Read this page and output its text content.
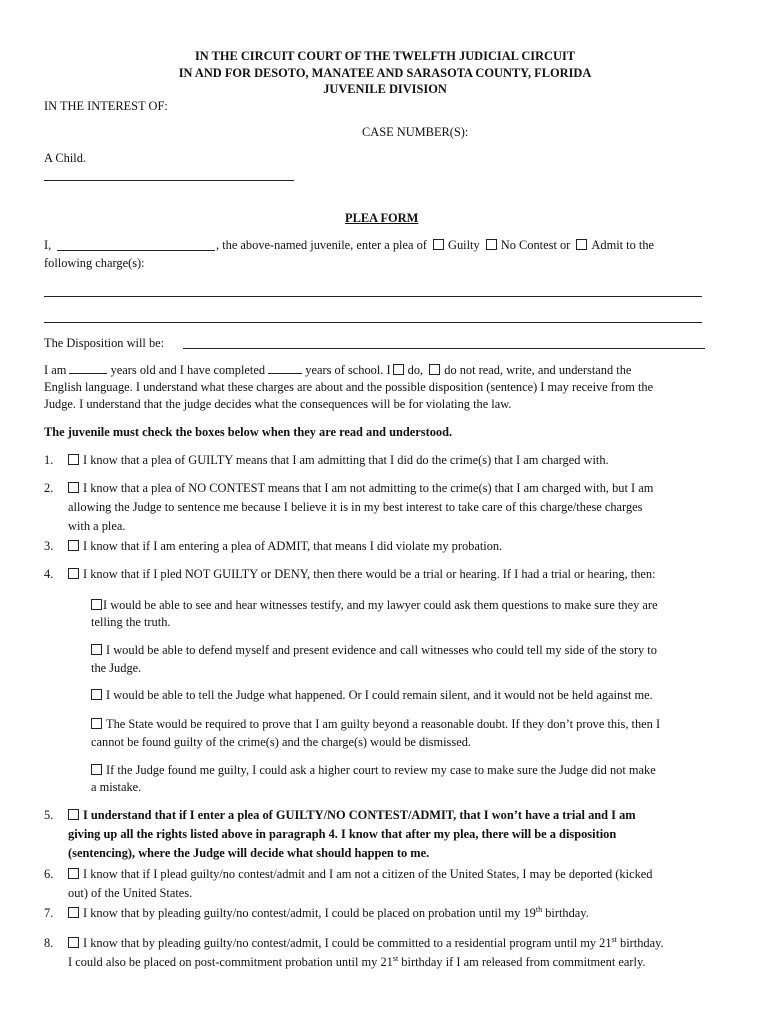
IN THE CIRCUIT COURT OF THE TWELFTH JUDICIAL CIRCUIT
IN AND FOR DESOTO, MANATEE AND SARASOTA COUNTY, FLORIDA
JUVENILE DIVISION
IN THE INTEREST OF:
CASE NUMBER(S):
A Child.
PLEA FORM
I,	, the above-named juvenile, enter a plea of Guilty No Contest or Admit to the
following charge(s):
The Disposition will be:
I am	years old and I have completed	years of school. I do, do not read, write, and understand the
English language. I understand what these charges are about and the possible disposition (sentence) I may receive from the
Judge. I understand that the judge decides what the consequences will be for violating the law.
The juvenile must check the boxes below when they are read and understood.
1.	I know that a plea of GUILTY means that I am admitting that I did do the crime(s) that I am charged with.
2.	I know that a plea of NO CONTEST means that I am not admitting to the crime(s) that I am charged with, but I am
allowing the Judge to sentence me because I believe it is in my best interest to take care of this charge/these charges
with a plea.
3.	I know that if I am entering a plea of ADMIT, that means I did violate my probation.
4.	I know that if I pled NOT GUILTY or DENY, then there would be a trial or hearing. If I had a trial or hearing, then:
I would be able to see and hear witnesses testify, and my lawyer could ask them questions to make sure they are
telling the truth.
I would be able to defend myself and present evidence and call witnesses who could tell my side of the story to
the Judge.
I would be able to tell the Judge what happened. Or I could remain silent, and it would not be held against me.
The State would be required to prove that I am guilty beyond a reasonable doubt. If they don’t prove this, then I
cannot be found guilty of the crime(s) and the charge(s) would be dismissed.
If the Judge found me guilty, I could ask a higher court to review my case to make sure the Judge did not make
a mistake.
5.	I understand that if I enter a plea of GUILTY/NO CONTEST/ADMIT, that I won’t have a trial and I am
giving up all the rights listed above in paragraph 4. I know that after my plea, there will be a disposition
(sentencing), where the Judge will decide what should happen to me.
6.	I know that if I plead guilty/no contest/admit and I am not a citizen of the United States, I may be deported (kicked
out) of the United States.
7.	I know that by pleading guilty/no contest/admit, I could be placed on probation until my 19th birthday.
8.	I know that by pleading guilty/no contest/admit, I could be committed to a residential program until my 21st birthday.
I could also be placed on post-commitment probation until my 21st birthday if I am released from commitment early.
